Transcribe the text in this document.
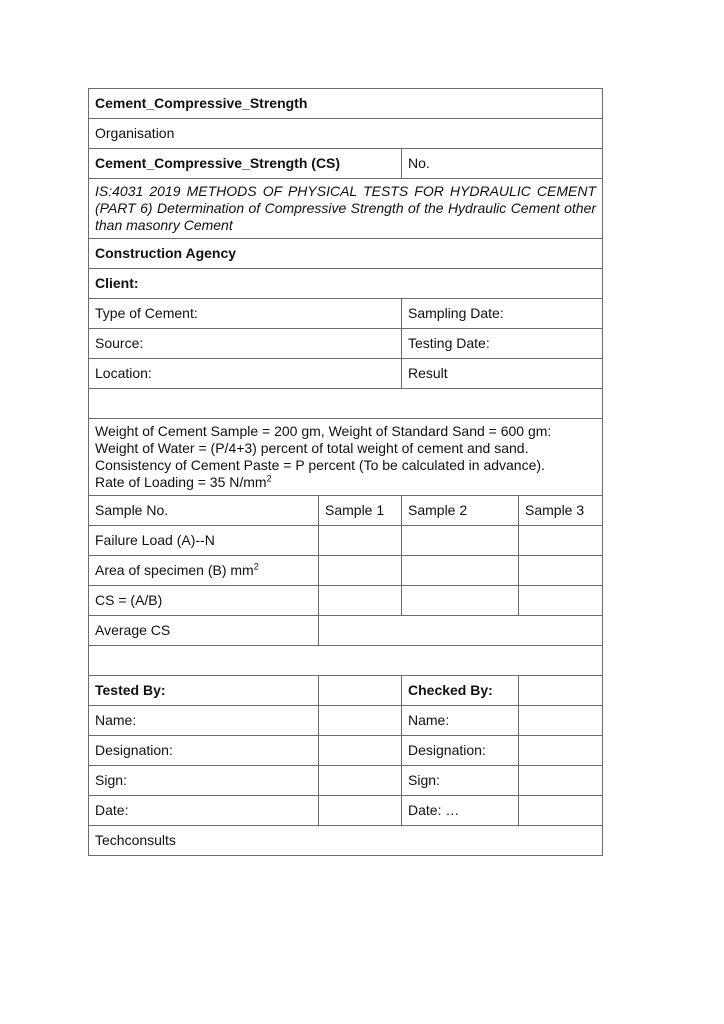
Cement_Compressive_Strength			
Organisation			
Cement_Compressive_Strength (CS)		No.	
IS:4031 2019 METHODS OF PHYSICAL TESTS FOR HYDRAULIC CEMENT (PART 6) Determination of Compressive Strength of the Hydraulic Cement other than masonry Cement			
Construction Agency			
Client:			
Type of Cement:		Sampling Date:	
Source:		Testing Date:	
Location:		Result	

Weight of Cement Sample = 200 gm, Weight of Standard Sand = 600 gm:
Weight of Water = (P/4+3) percent of total weight of cement and sand.
Consistency of Cement Paste = P percent (To be calculated in advance).
Rate of Loading = 35 $N/mm^2$

Sample No.	Sample 1	Sample 2	Sample 3
Failure Load (A)--N			
Area of specimen (B) $mm^2$			
CS = (A/B)			
Average CS			

Tested By:		Checked By:	
Name:		Name:	
Designation:		Designation:	
Sign:		Sign:	
Date:		Date: …	
Techconsults			
